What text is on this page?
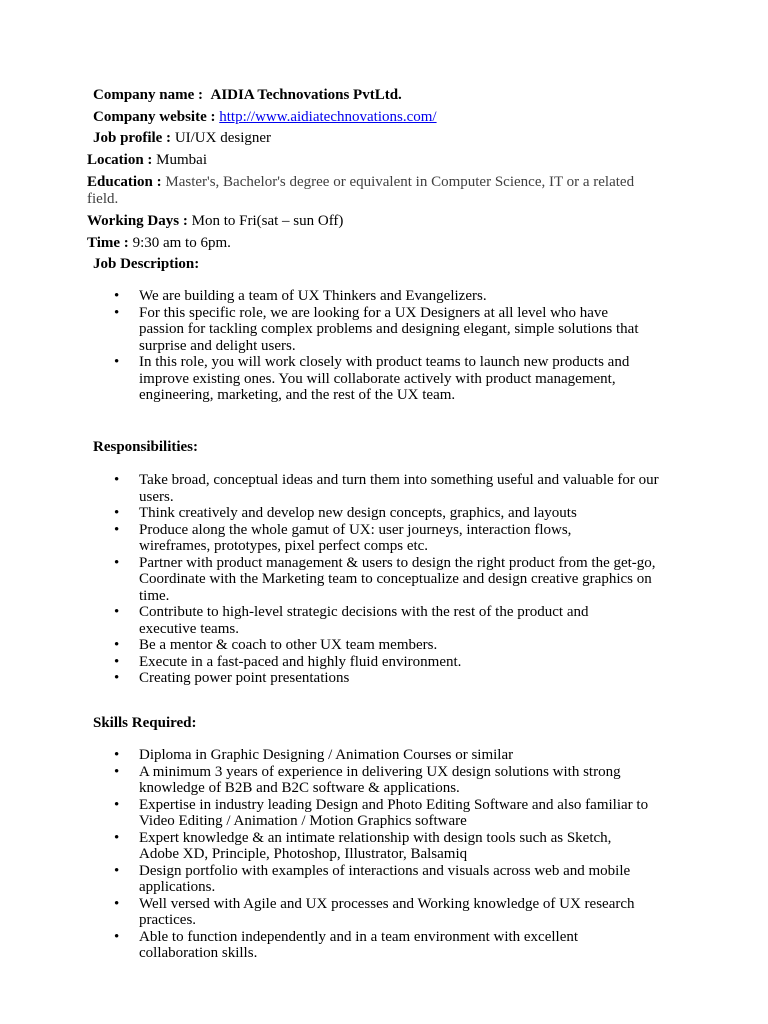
Company name : AIDIA Technovations PvtLtd.
Company website : http://www.aidiatechnovations.com/
Job profile : UI/UX designer
Location : Mumbai
Education : Master's, Bachelor's degree or equivalent in Computer Science, IT or a related
field.
Working Days : Mon to Fri(sat – sun Off)
Time : 9:30 am to 6pm.
Job Description:
• We are building a team of UX Thinkers and Evangelizers.
• For this specific role, we are looking for a UX Designers at all level who have passion for tackling complex problems and designing elegant, simple solutions that surprise and delight users.
• In this role, you will work closely with product teams to launch new products and improve existing ones. You will collaborate actively with product management, engineering, marketing, and the rest of the UX team.
Responsibilities:
• Take broad, conceptual ideas and turn them into something useful and valuable for our users.
• Think creatively and develop new design concepts, graphics, and layouts
• Produce along the whole gamut of UX: user journeys, interaction flows, wireframes, prototypes, pixel perfect comps etc.
• Partner with product management & users to design the right product from the get-go, Coordinate with the Marketing team to conceptualize and design creative graphics on time.
• Contribute to high-level strategic decisions with the rest of the product and executive teams.
• Be a mentor & coach to other UX team members.
• Execute in a fast-paced and highly fluid environment.
• Creating power point presentations
Skills Required:
• Diploma in Graphic Designing / Animation Courses or similar
• A minimum 3 years of experience in delivering UX design solutions with strong knowledge of B2B and B2C software & applications.
• Expertise in industry leading Design and Photo Editing Software and also familiar to Video Editing / Animation / Motion Graphics software
• Expert knowledge & an intimate relationship with design tools such as Sketch, Adobe XD, Principle, Photoshop, Illustrator, Balsamiq
• Design portfolio with examples of interactions and visuals across web and mobile applications.
• Well versed with Agile and UX processes and Working knowledge of UX research practices.
• Able to function independently and in a team environment with excellent collaboration skills.
